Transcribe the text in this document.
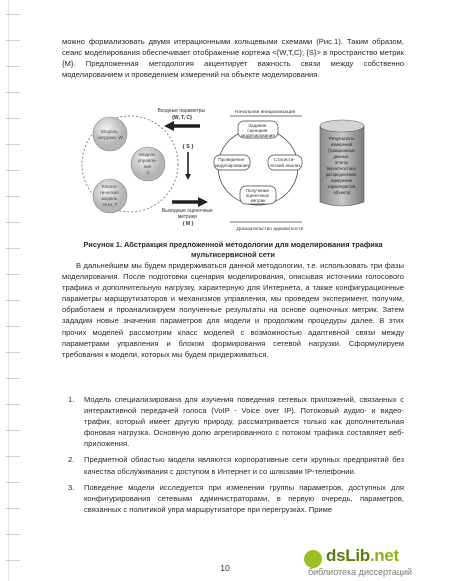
можно формализовать двумя итерационными кольцевыми схемами (Рис.1). Таким образом, сеанс моделирования обеспечивает отображение кортежа <{W,T,C}; {S}> в пространство метрик {M}. Предложенная методология акцентирует важность связи между собственно моделированием и проведением измерений на объекте моделирования.

Модель нагрузки, W
Модель управле- ния C
Тополо- гическая модель сети, T
Входные параметры {W, T, C}
{ S }
Выходные оценочные метрики { M }
Начальная инициализация
Задание сценария моделирования
Проведение моделирования
Статисти- ческий анализ
Получение оценочных метрик
Результаты измерений (тракционные данные, отчеты вероятностных распределений, измерения характеристик объекта)
Доказательство адекватности
Рисунок 1. Абстракция предложенной методологии для моделирования трафика
мультисервисной сети

В дальнейшем мы будем придерживаться данной методологии, т.е. использовать три фазы моделирования. После подготовки сценария моделирования, описывая источники голосового трафика и дополнительную нагрузку, характерную для Интернета, а также конфигурационные параметры маршрутизаторов и механизмов управления, мы проведем эксперимент, получим, обработаем и проанализируем полученные результаты на основе оценочных метрик. Затем зададим новые значения параметров для модели и продолжим процедуры далее. В этих прочих моделей рассмотрим класс моделей с возможностью адаптивной связи между параметрами управления и блоком формирования сетевой нагрузки. Сформулируем требования к модели, которых мы будем придерживаться.

1. Модель специализирована для изучения поведения сетевых приложений, связанных с интерактивной передачей голоса (VoIP - Voice over IP). Потоковый аудио- и видео- трафик, который имеет другую природу, рассматривается только как дополнительная фоновая нагрузка. Основную долю агрегированного с потоком трафика составляет веб-приложения.
2. Предметной областью модели являются корпоративные сети крупных предприятий без качества обслуживания с доступом в Интернет и со шлюзами IP-телефонии.
3. Поведение модели исследуется при изменении группы параметров, доступных для конфигурирования сетевыми администраторами, в первую очередь, параметров, связанных с политикой упра маршрутизаторе при перегрузках. Приме
10
dsLib.net
библиотека диссертаций
